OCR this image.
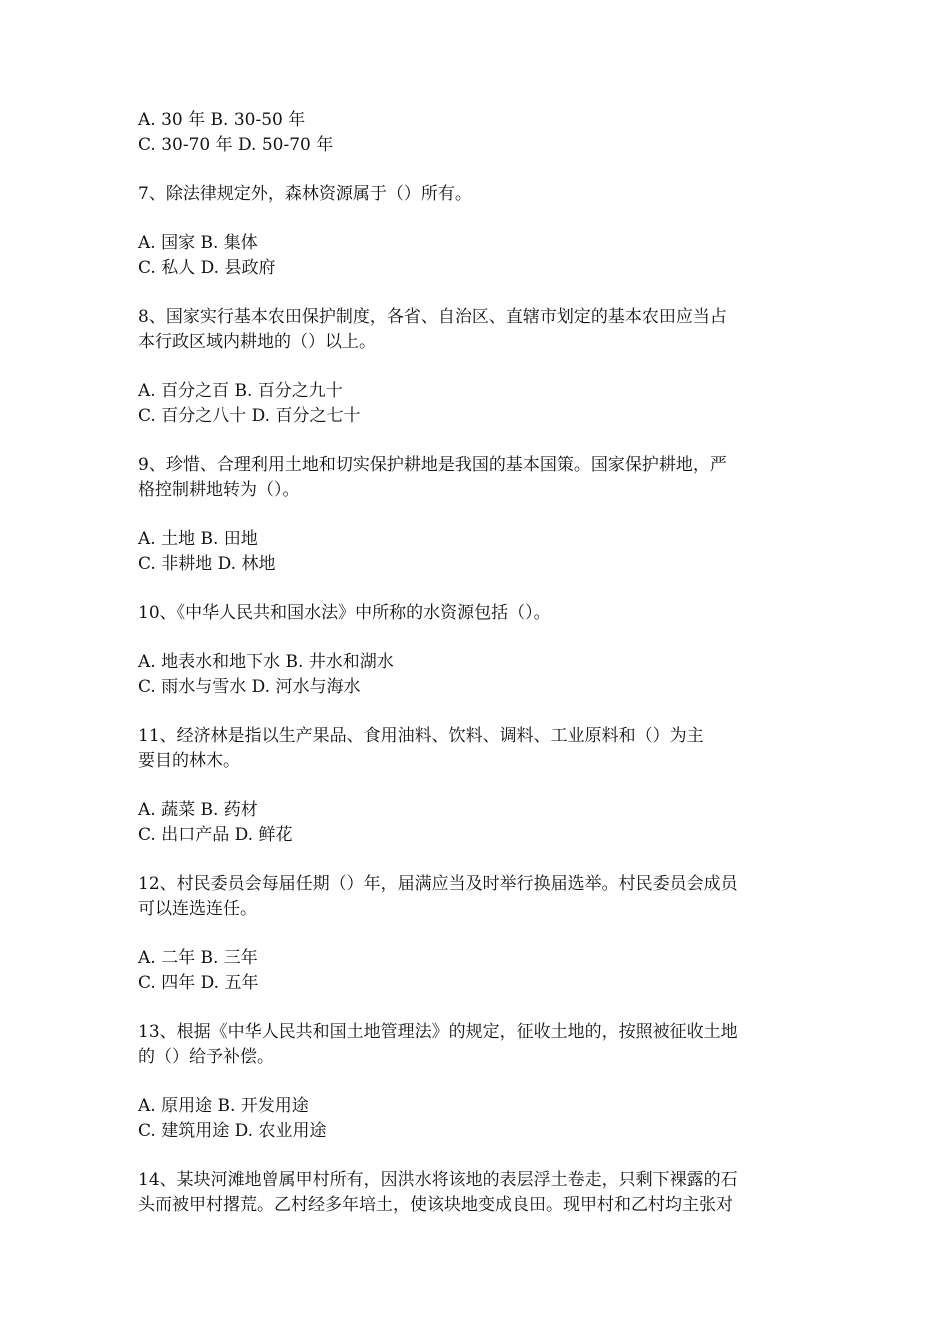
A. 30 年 B. 30-50 年
C. 30-70 年 D. 50-70 年
7、除法律规定外，森林资源属于（）所有。
A. 国家 B. 集体
C. 私人 D. 县政府
8、国家实行基本农田保护制度，各省、自治区、直辖市划定的基本农田应当占
本行政区域内耕地的（）以上。
A. 百分之百 B. 百分之九十
C. 百分之八十 D. 百分之七十
9、珍惜、合理利用土地和切实保护耕地是我国的基本国策。国家保护耕地，严
格控制耕地转为（）。
A. 土地 B. 田地
C. 非耕地 D. 林地
10、《中华人民共和国水法》中所称的水资源包括（）。
A. 地表水和地下水 B. 井水和湖水
C. 雨水与雪水 D. 河水与海水
11、经济林是指以生产果品、食用油料、饮料、调料、工业原料和（）为主
要目的林木。
A. 蔬菜 B. 药材
C. 出口产品 D. 鲜花
12、村民委员会每届任期（）年，届满应当及时举行换届选举。村民委员会成员
可以连选连任。
A. 二年 B. 三年
C. 四年 D. 五年
13、根据《中华人民共和国土地管理法》的规定，征收土地的，按照被征收土地
的（）给予补偿。
A. 原用途 B. 开发用途
C. 建筑用途 D. 农业用途
14、某块河滩地曾属甲村所有，因洪水将该地的表层浮土卷走，只剩下裸露的石
头而被甲村撂荒。乙村经多年培土，使该块地变成良田。现甲村和乙村均主张对
